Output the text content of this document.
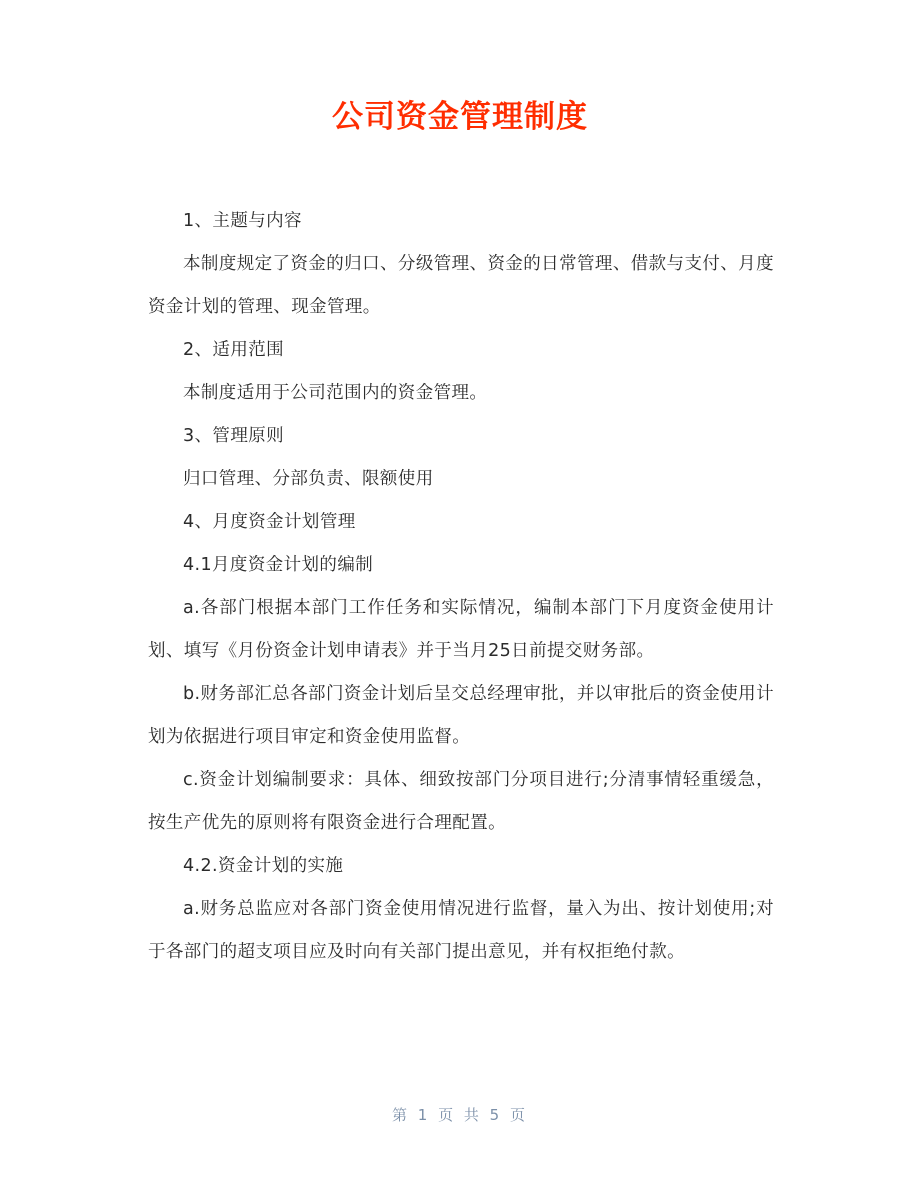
公司资金管理制度

1、主题与内容

本制度规定了资金的归口、分级管理、资金的日常管理、借款与支付、月度资金计划的管理、现金管理。

2、适用范围

本制度适用于公司范围内的资金管理。

3、管理原则

归口管理、分部负责、限额使用

4、月度资金计划管理

4.1月度资金计划的编制

a.各部门根据本部门工作任务和实际情况，编制本部门下月度资金使用计划、填写《月份资金计划申请表》并于当月25日前提交财务部。

b.财务部汇总各部门资金计划后呈交总经理审批，并以审批后的资金使用计划为依据进行项目审定和资金使用监督。

c.资金计划编制要求：具体、细致按部门分项目进行;分清事情轻重缓急，按生产优先的原则将有限资金进行合理配置。

4.2.资金计划的实施

a.财务总监应对各部门资金使用情况进行监督，量入为出、按计划使用;对于各部门的超支项目应及时向有关部门提出意见，并有权拒绝付款。

第 1 页 共 5 页
